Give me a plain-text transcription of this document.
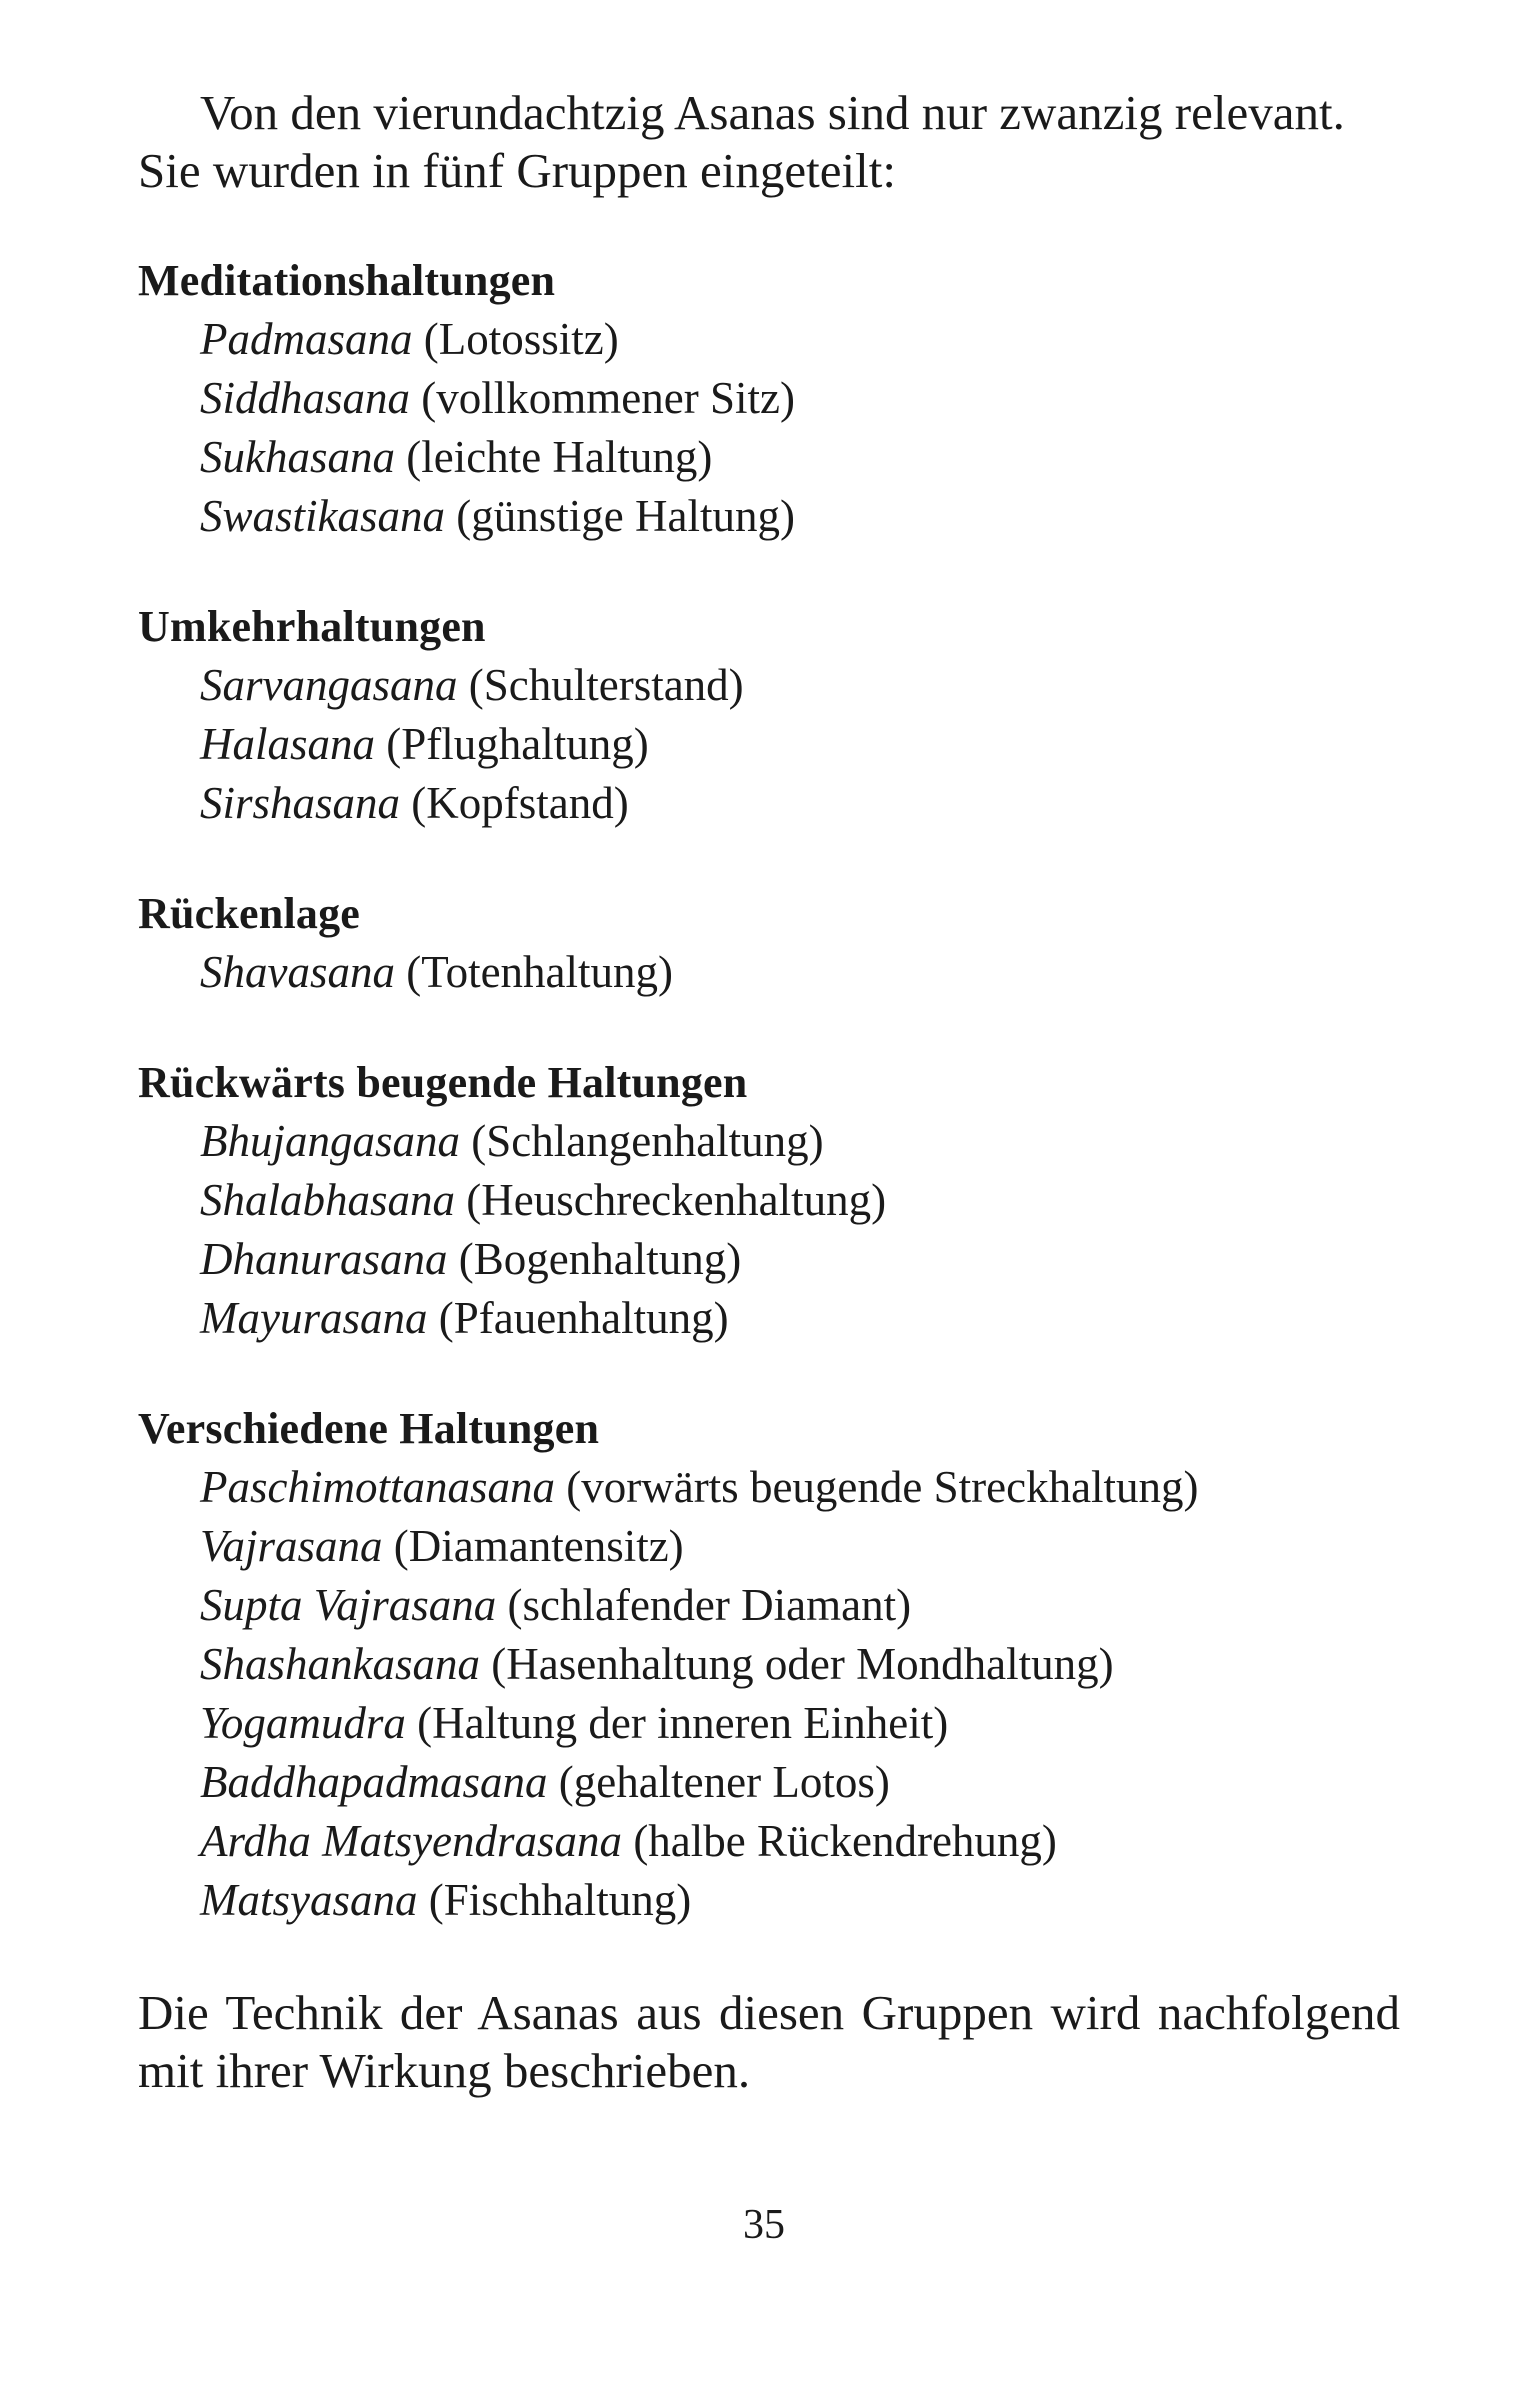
Von den vierundachtzig Asanas sind nur zwanzig relevant. Sie wurden in fünf Gruppen eingeteilt:

Meditationshaltungen

Padmasana (Lotossitz)

Siddhasana (vollkommener Sitz)

Sukhasana (leichte Haltung)

Swastikasana (günstige Haltung)

Umkehrhaltungen

Sarvangasana (Schulterstand)

Halasana (Pflughaltung)

Sirshasana (Kopfstand)

Rückenlage

Shavasana (Totenhaltung)

Rückwärts beugende Haltungen

Bhujangasana (Schlangenhaltung)

Shalabhasana (Heuschreckenhaltung)

Dhanurasana (Bogenhaltung)

Mayurasana (Pfauenhaltung)

Verschiedene Haltungen

Paschimottanasana (vorwärts beugende Streckhaltung)

Vajrasana (Diamantensitz)

Supta Vajrasana (schlafender Diamant)

Shashankasana (Hasenhaltung oder Mondhaltung)

Yogamudra (Haltung der inneren Einheit)

Baddhapadmasana (gehaltener Lotos)

Ardha Matsyendrasana (halbe Rückendrehung)

Matsyasana (Fischhaltung)

Die Technik der Asanas aus diesen Gruppen wird nachfolgend mit ihrer Wirkung beschrieben.

35
